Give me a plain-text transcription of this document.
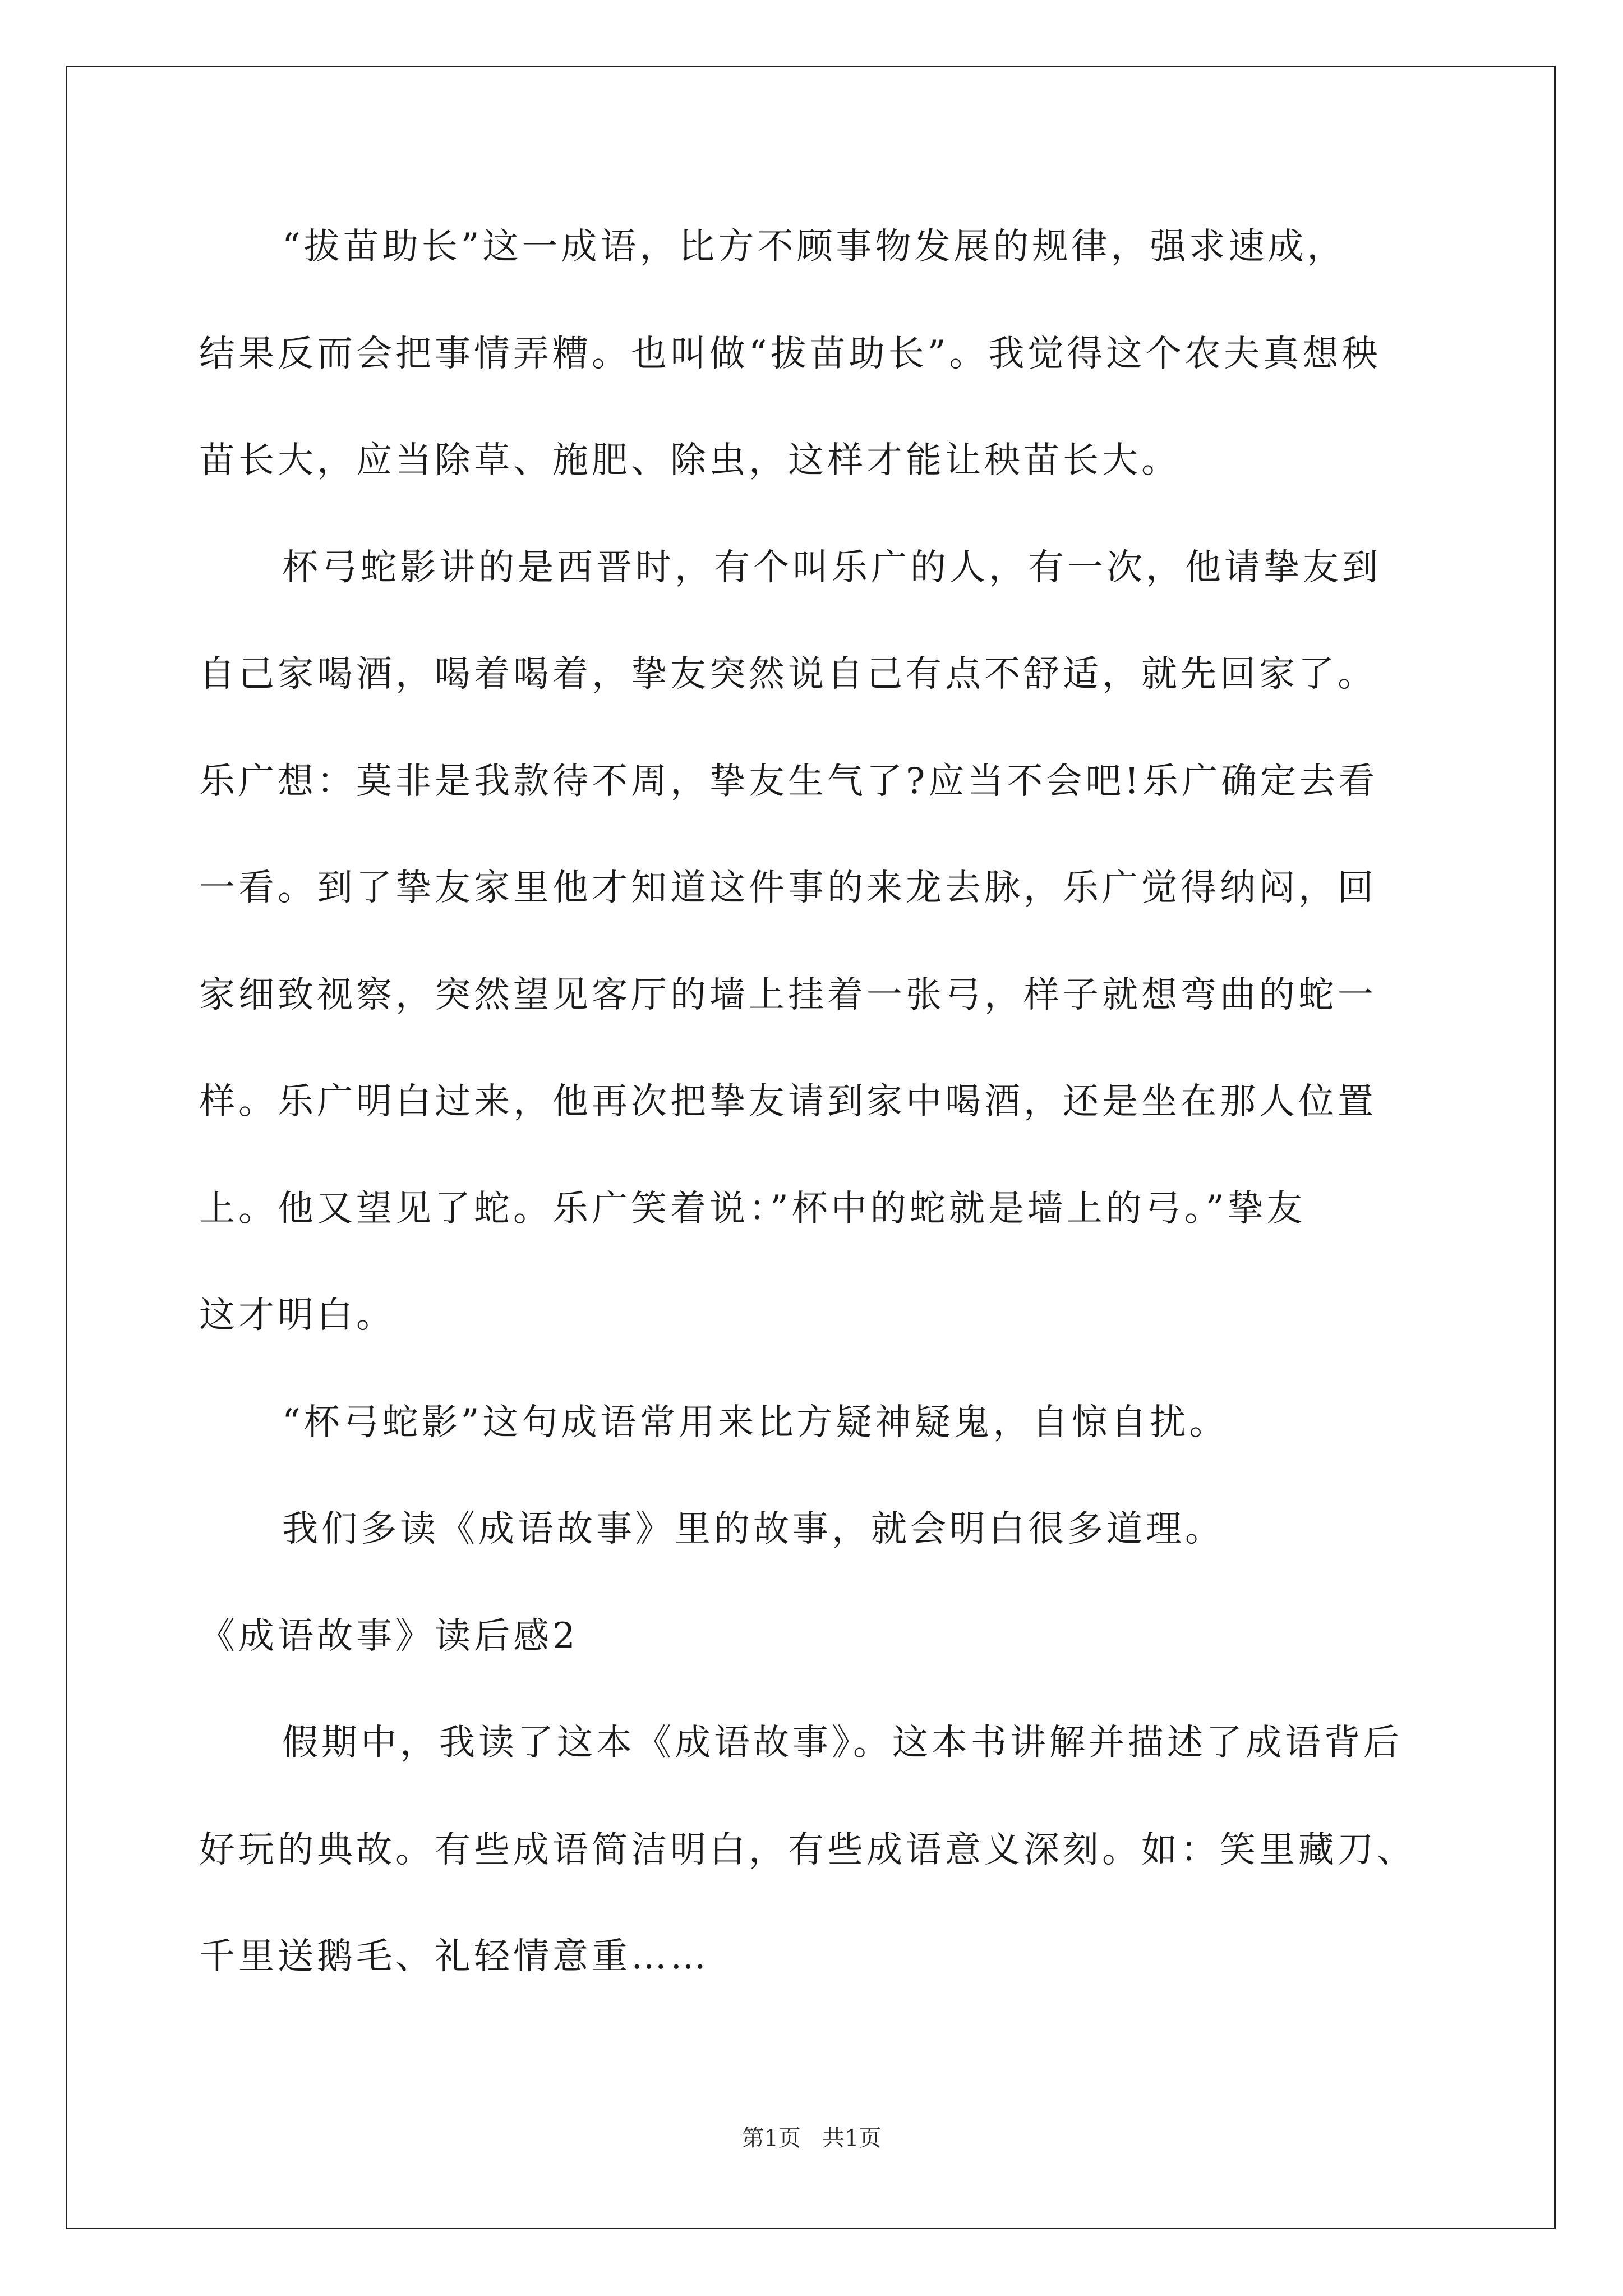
“拔苗助长”这一成语，比方不顾事物发展的规律，强求速成，
结果反而会把事情弄糟。也叫做“拔苗助长”。我觉得这个农夫真想秧
苗长大，应当除草、施肥、除虫，这样才能让秧苗长大。
杯弓蛇影讲的是西晋时，有个叫乐广的人，有一次，他请挚友到
自己家喝酒，喝着喝着，挚友突然说自己有点不舒适，就先回家了。
乐广想：莫非是我款待不周，挚友生气了?应当不会吧!乐广确定去看
一看。到了挚友家里他才知道这件事的来龙去脉，乐广觉得纳闷，回
家细致视察，突然望见客厅的墙上挂着一张弓，样子就想弯曲的蛇一
样。乐广明白过来，他再次把挚友请到家中喝酒，还是坐在那人位置
上。他又望见了蛇。乐广笑着说：”杯中的蛇就是墙上的弓。”挚友
这才明白。
“杯弓蛇影”这句成语常用来比方疑神疑鬼，自惊自扰。
我们多读《成语故事》里的故事，就会明白很多道理。
《成语故事》读后感2
假期中，我读了这本《成语故事》。这本书讲解并描述了成语背后
好玩的典故。有些成语简洁明白，有些成语意义深刻。如：笑里藏刀、
千里送鹅毛、礼轻情意重……
第1页   共1页
